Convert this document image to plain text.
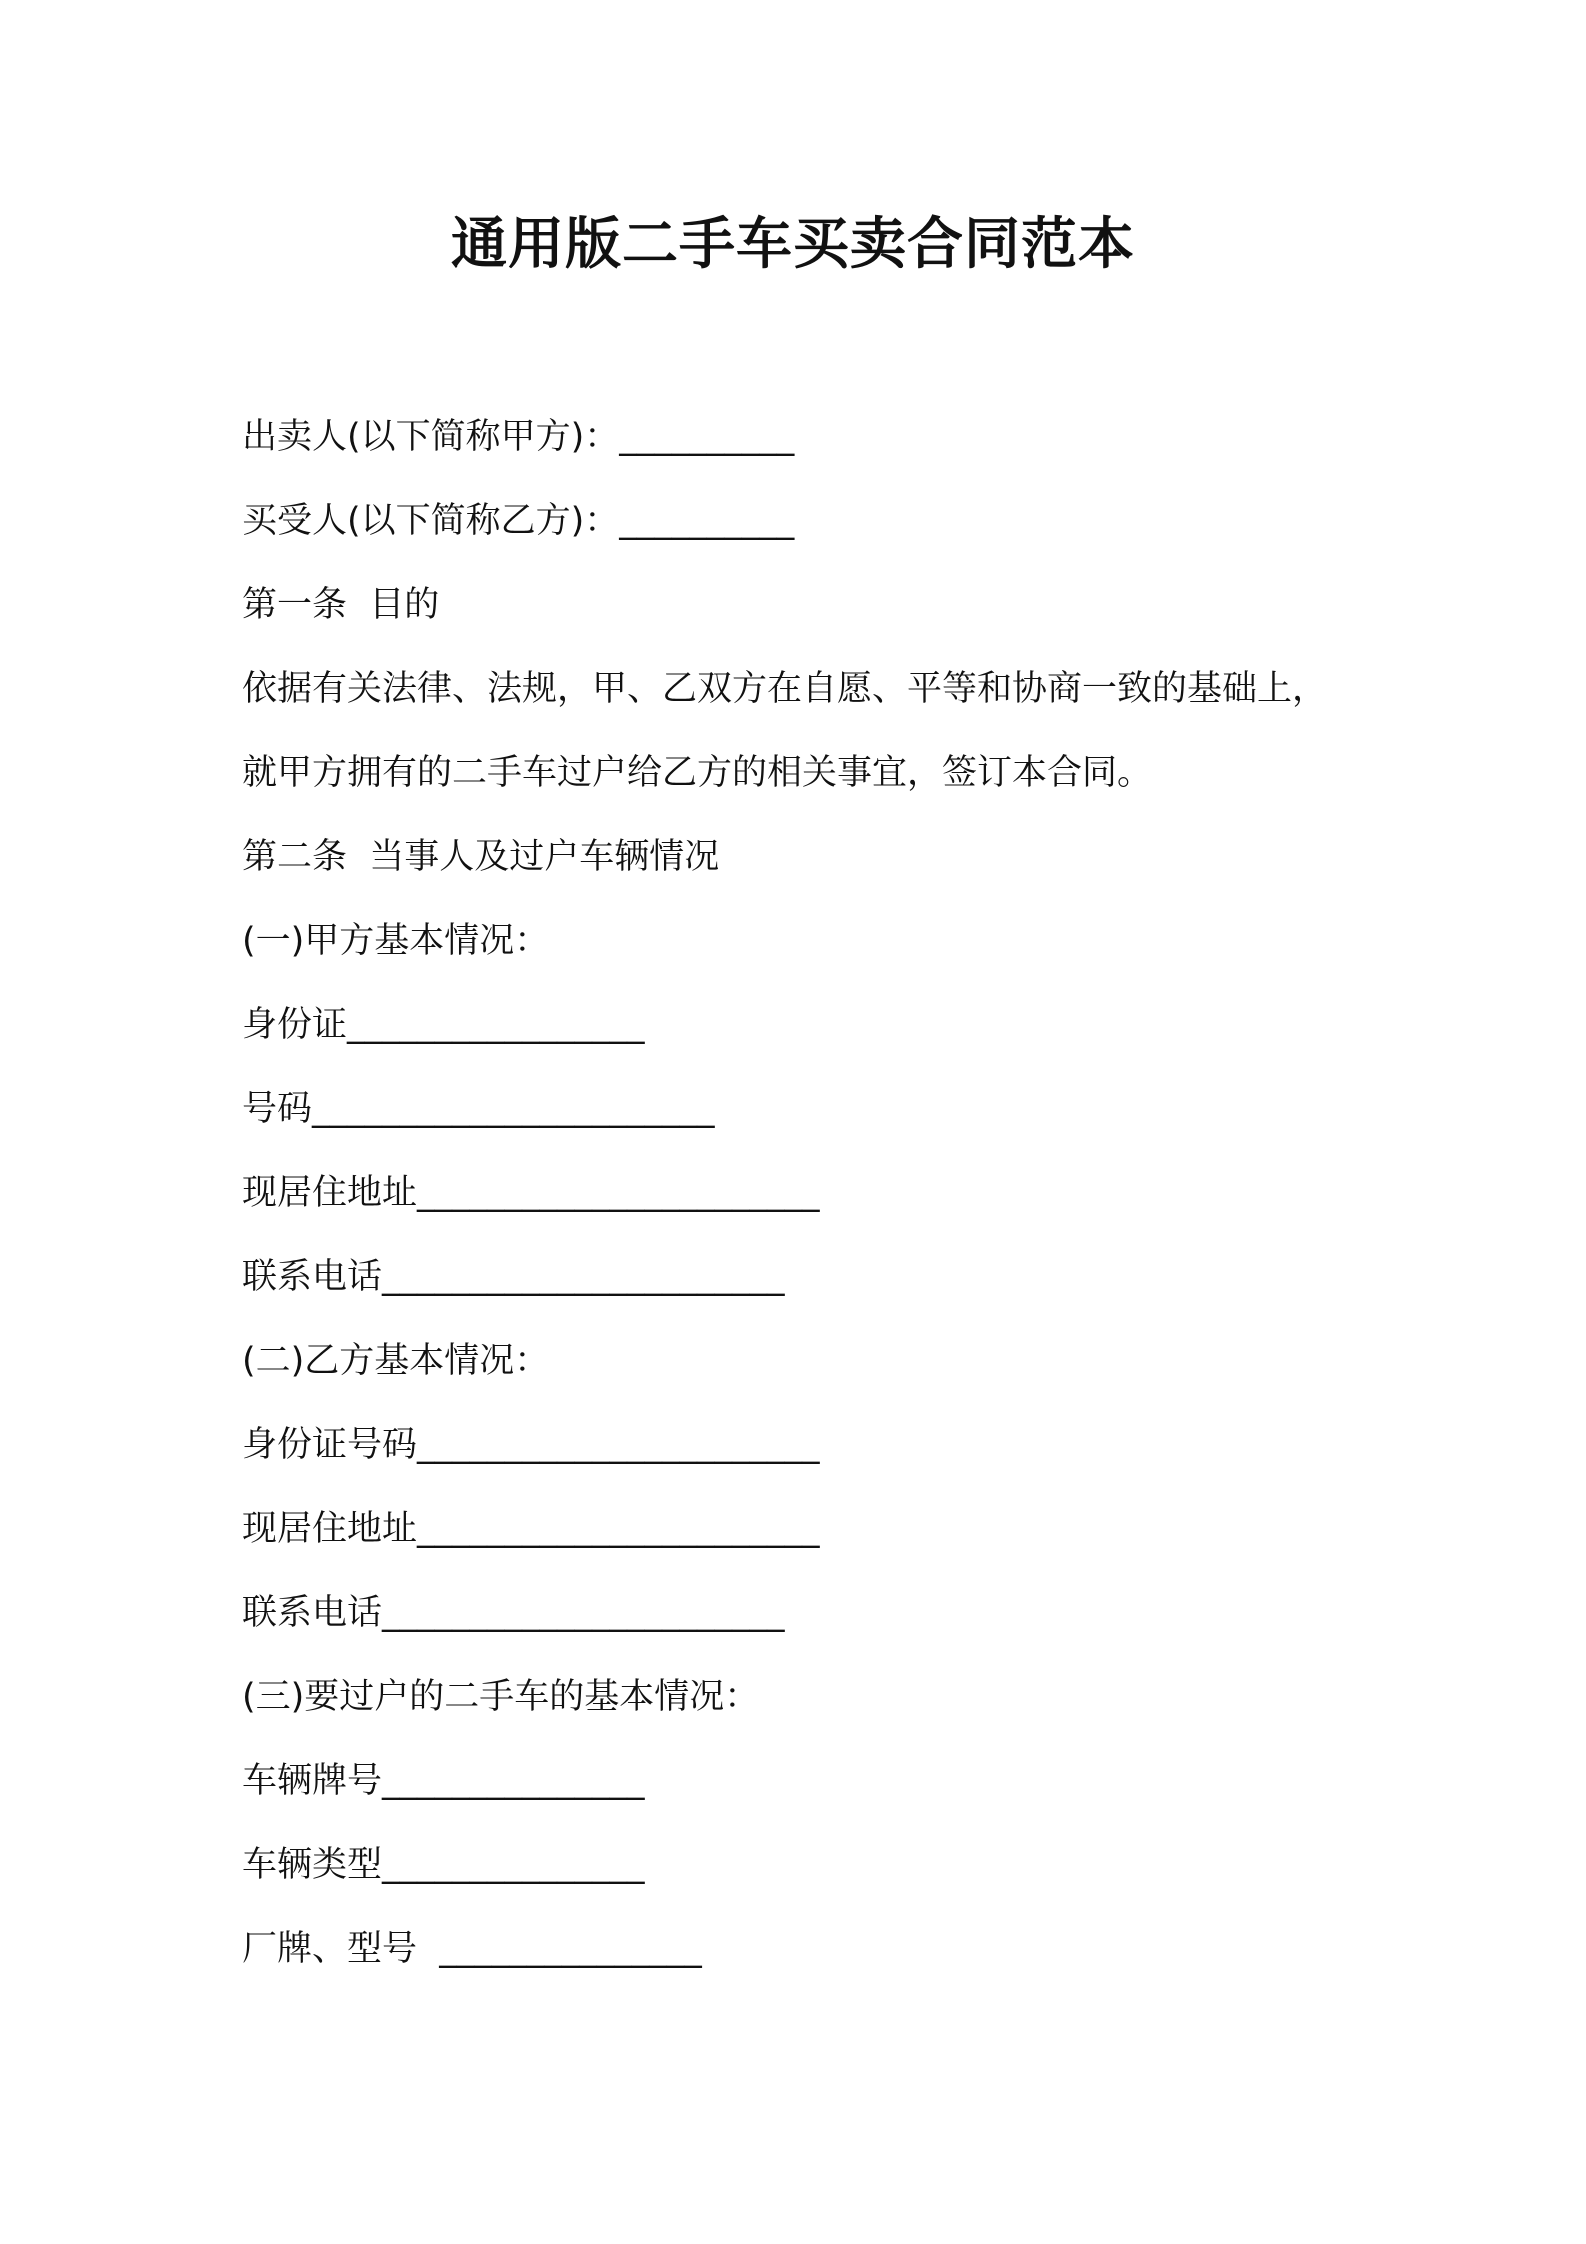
通用版二手车买卖合同范本
出卖人(以下简称甲方)：__________
买受人(以下简称乙方)：__________
第一条  目的
依据有关法律、法规，甲、乙双方在自愿、平等和协商一致的基础上，
就甲方拥有的二手车过户给乙方的相关事宜，签订本合同。
第二条  当事人及过户车辆情况
(一)甲方基本情况：
身份证_________________
号码_______________________
现居住地址_______________________
联系电话_______________________
(二)乙方基本情况：
身份证号码_______________________
现居住地址_______________________
联系电话_______________________
(三)要过户的二手车的基本情况：
车辆牌号_______________
车辆类型_______________
厂牌、型号  _______________
